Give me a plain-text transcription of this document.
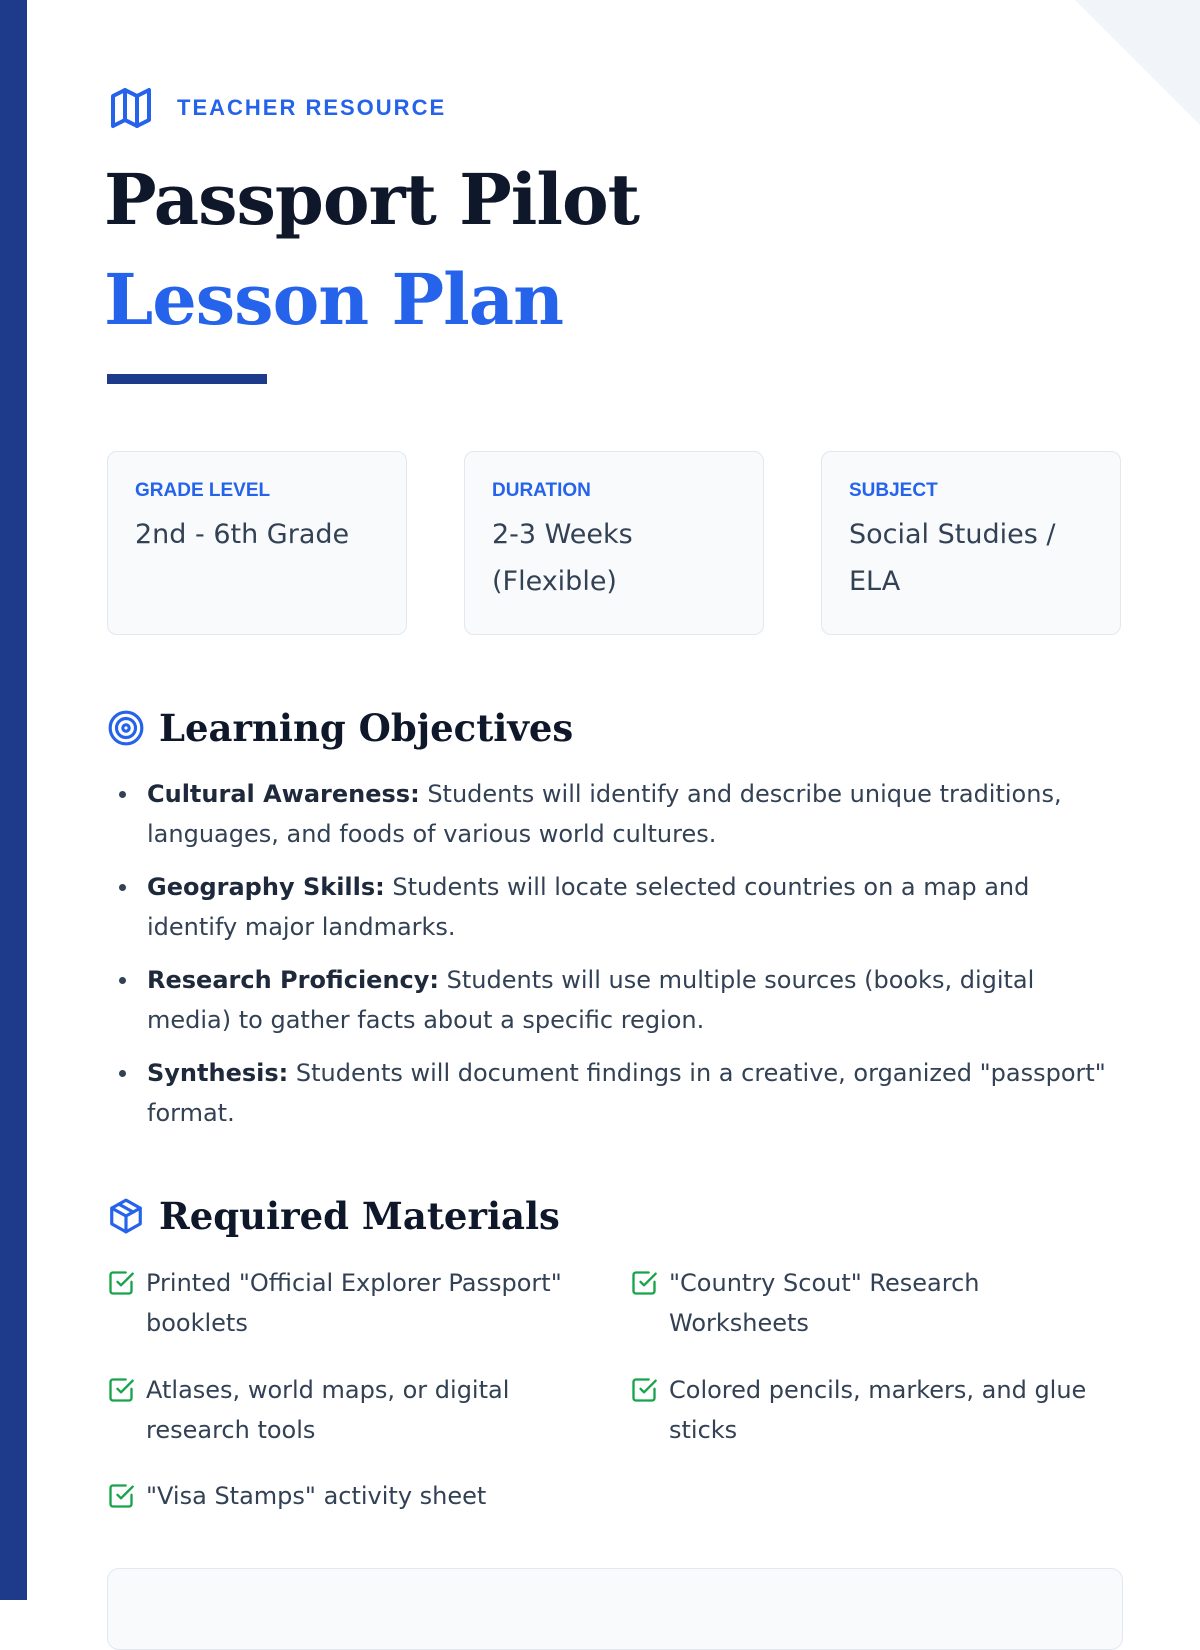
TEACHER RESOURCE
Passport Pilot
Lesson Plan
GRADE LEVEL
2nd - 6th Grade
DURATION
2-3 Weeks (Flexible)
SUBJECT
Social Studies / ELA
Learning Objectives
Cultural Awareness: Students will identify and describe unique traditions, languages, and foods of various world cultures.
Geography Skills: Students will locate selected countries on a map and identify major landmarks.
Research Proficiency: Students will use multiple sources (books, digital media) to gather facts about a specific region.
Synthesis: Students will document findings in a creative, organized "passport" format.
Required Materials
Printed "Official Explorer Passport" booklets
"Country Scout" Research Worksheets
Atlases, world maps, or digital research tools
Colored pencils, markers, and glue sticks
"Visa Stamps" activity sheet
